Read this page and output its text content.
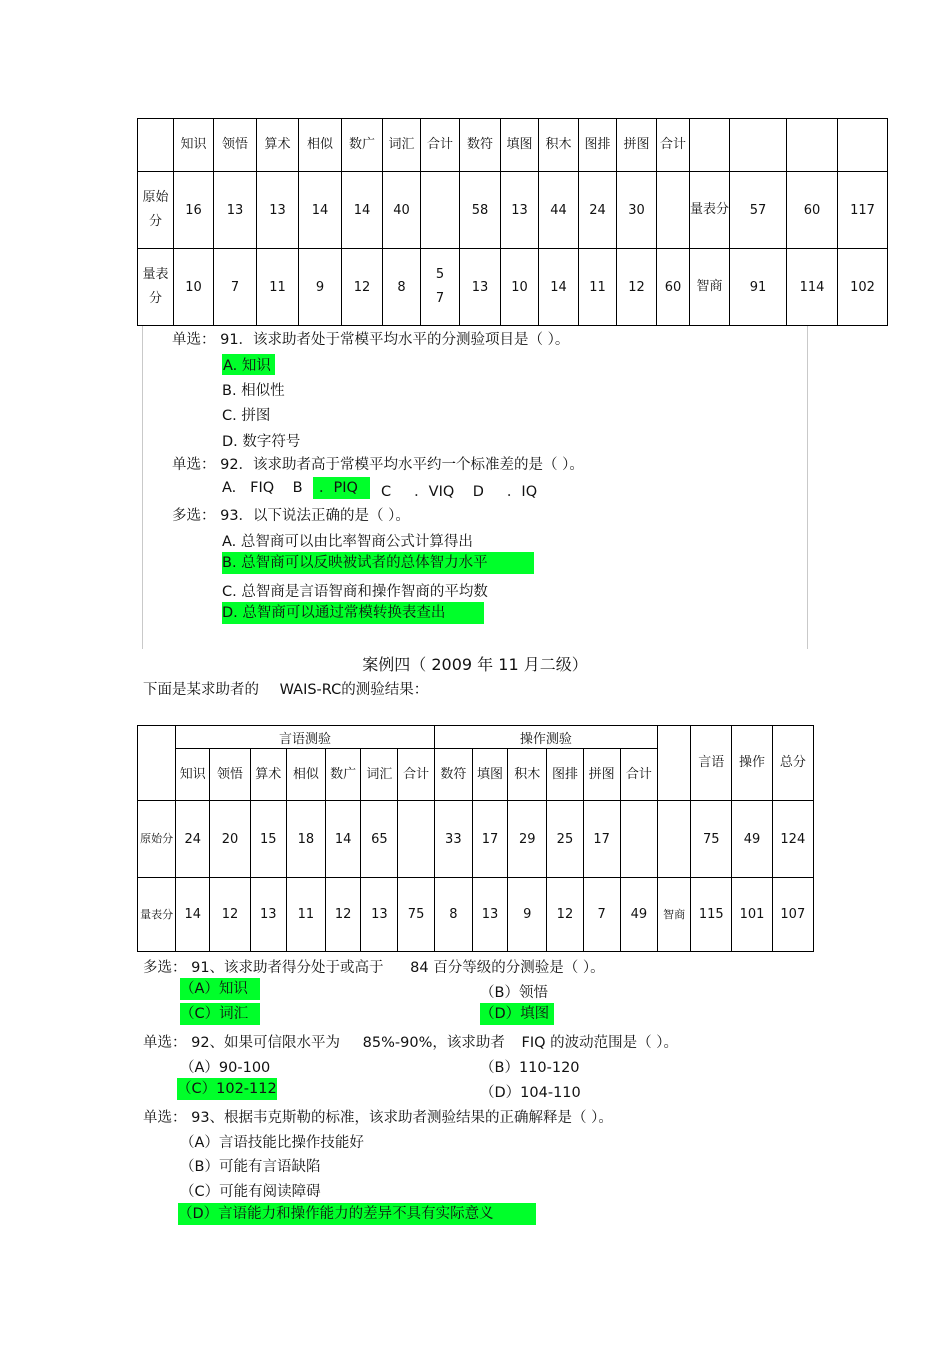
	知识	领悟	算术	相似	数广	词汇	合计	数符	填图	积木	图排	拼图	合计				

原始分	16	13	13	14	14	40		58	13	44	24	30		量表分	57	60	117

量表分	10	7	11	9	12	8	57	13	10	14	11	12	60	智商	91	114	102
单选： 91．该求助者处于常模平均水平的分测验项目是（ ）。
A. 知识
B. 相似性
C. 拼图
D. 数字符号
单选： 92．该求助者高于常模平均水平约一个标准差的是（ ）。
A.   FIQ    B	．PIQ	C     ．VIQ    D     ．IQ
多选： 93．以下说法正确的是（ ）。
A. 总智商可以由比率智商公式计算得出
B. 总智商可以反映被试者的总体智力水平
C. 总智商是言语智商和操作智商的平均数
D. 总智商可以通过常模转换表查出
案例四（ 2009 年 11 月二级）
下面是某求助者的 WAIS-RC的测验结果：
	言语测验							操作测验							言语	操作	总分

	知识	领悟	算术	相似	数广	词汇	合计	数符	填图	积木	图排	拼图	合计				

原始分	24	20	15	18	14	65		33	17	29	25	17			75	49	124

量表分	14	12	13	11	12	13	75	8	13	9	12	7	49	智商	115	101	107
多选： 91、该求助者得分处于或高于 84 百分等级的分测验是（ ）。
（A）知识	（B）领悟
（C）词汇	（D）填图
单选： 92、如果可信限水平为 85%-90%，该求助者 FIQ 的波动范围是（ ）。
（A）90-100	（B）110-120
（C）102-112	（D）104-110
单选： 93、根据韦克斯勒的标准，该求助者测验结果的正确解释是（ ）。
（A）言语技能比操作技能好
（B）可能有言语缺陷
（C）可能有阅读障碍
（D）言语能力和操作能力的差异不具有实际意义
